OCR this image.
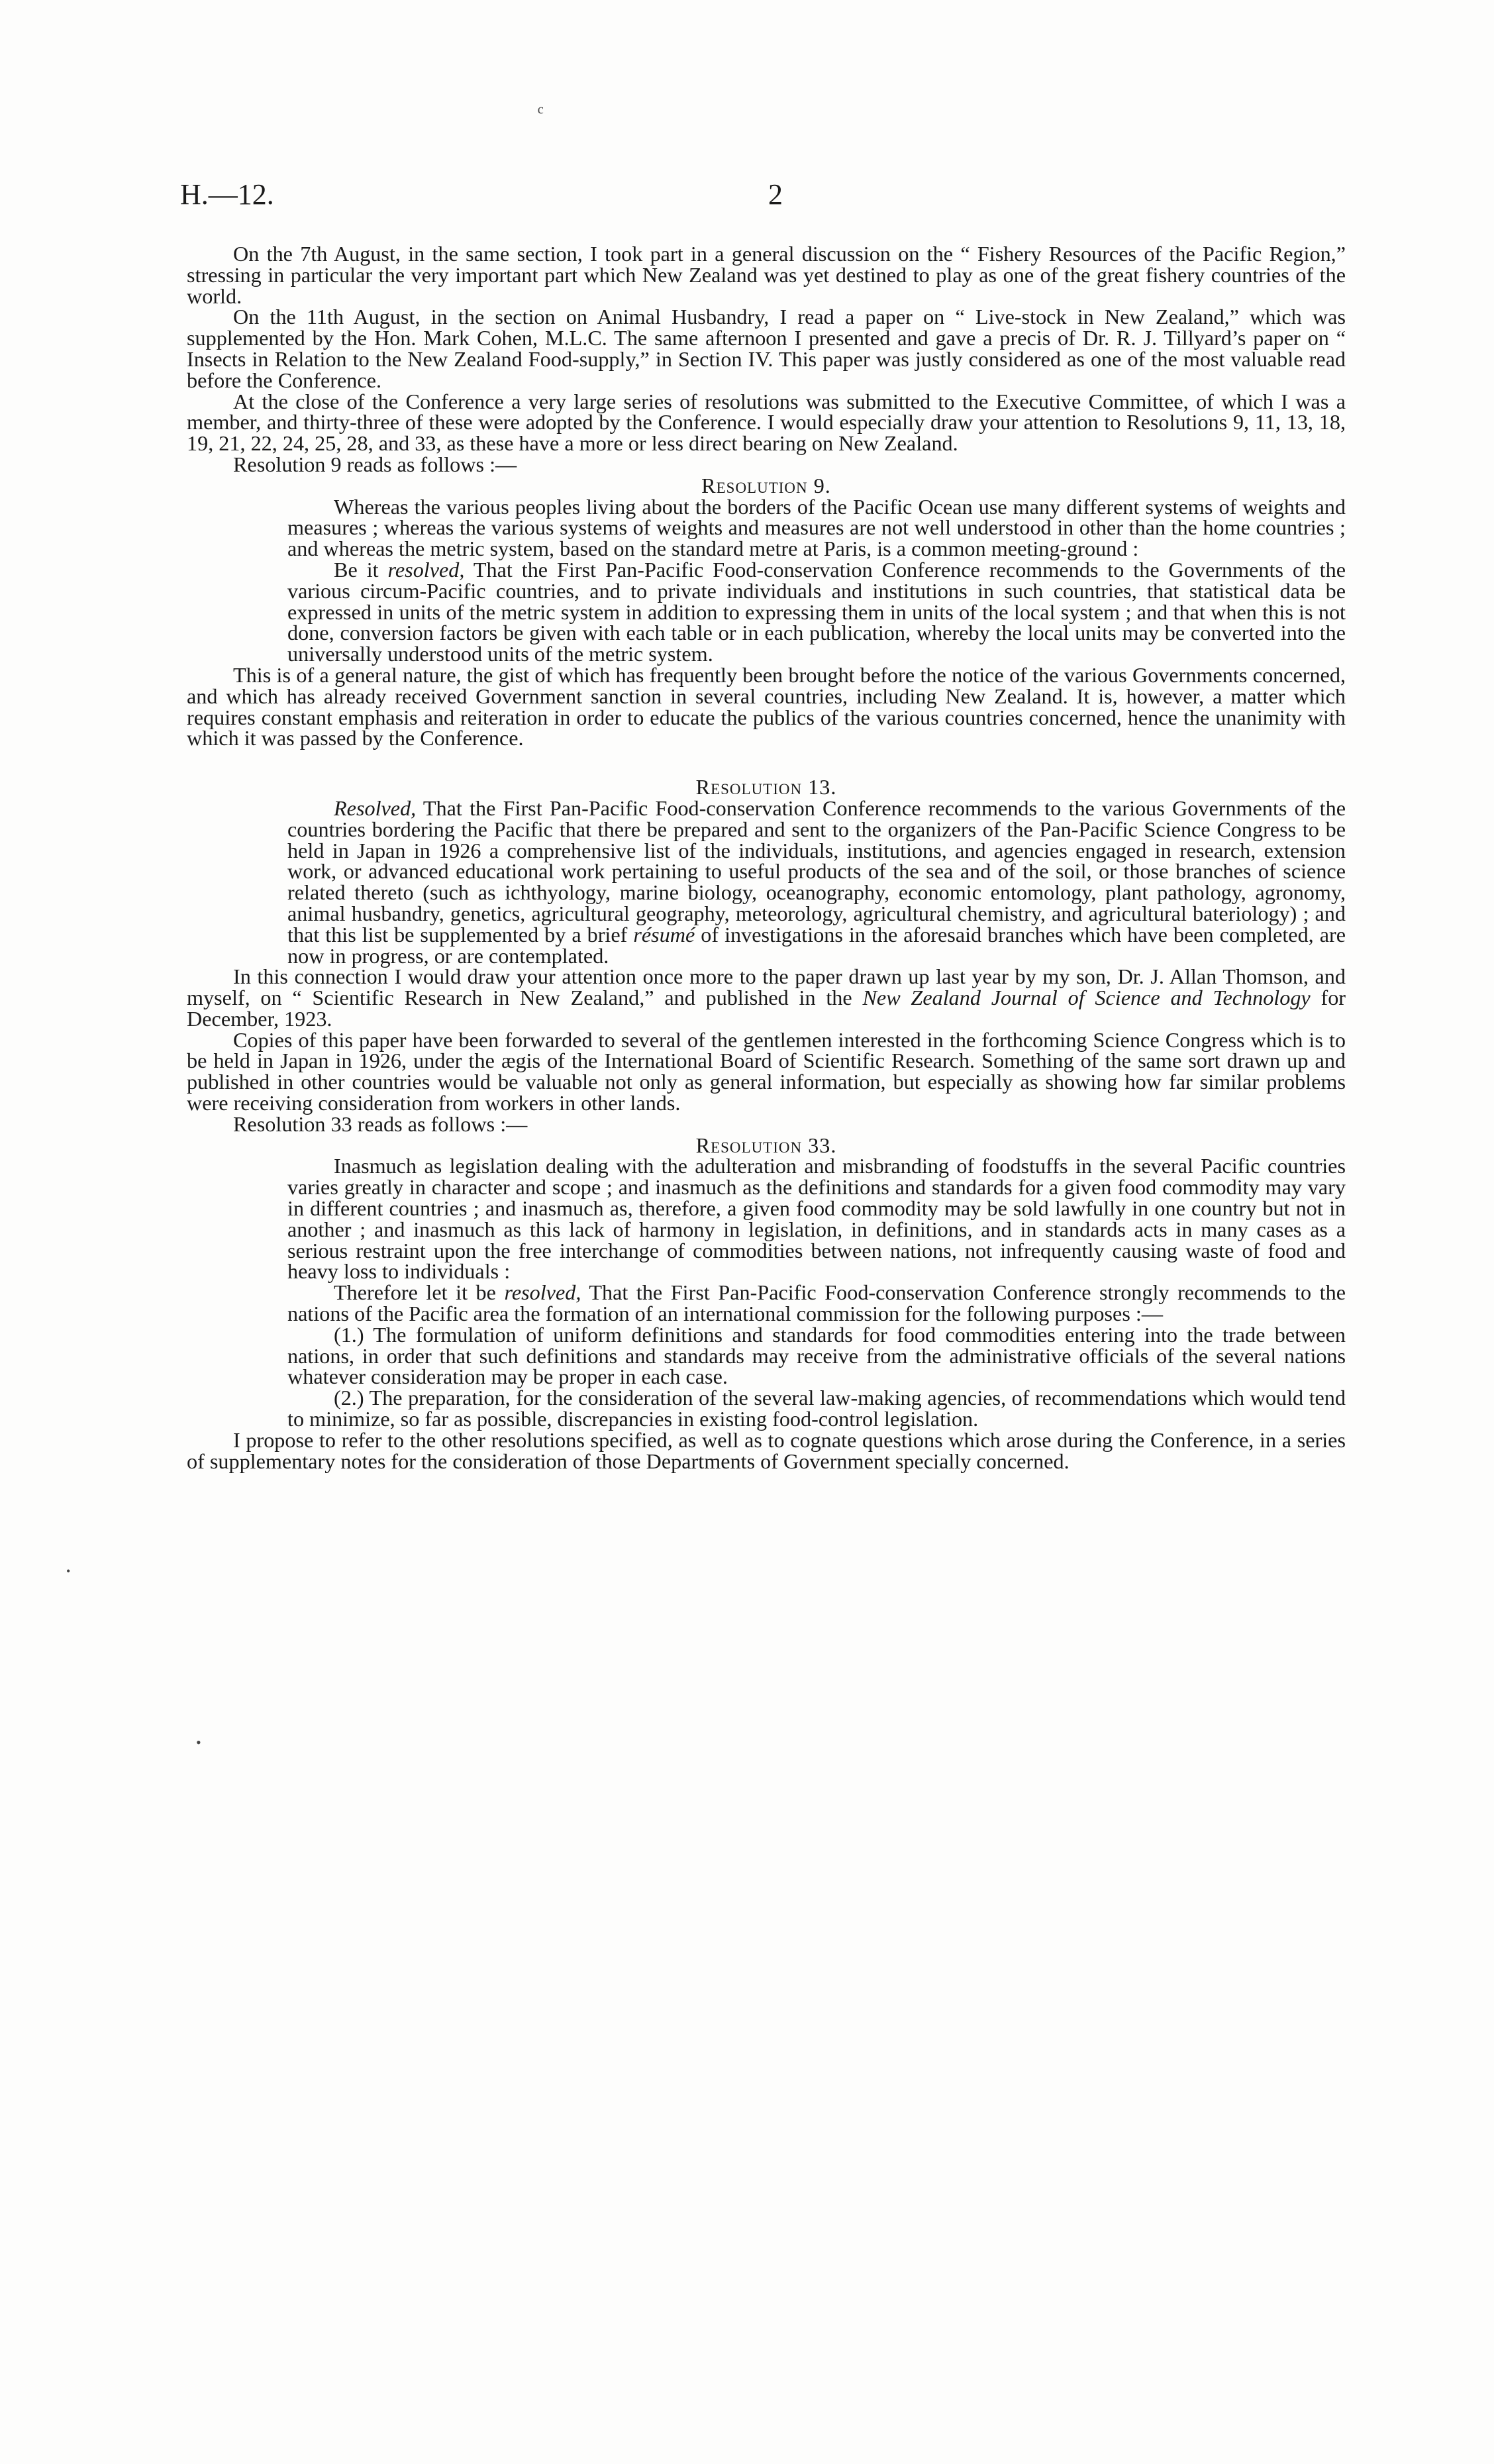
ᶜ
•
•
H.—12.	2

On the 7th August, in the same section, I took part in a general discussion on the “ Fishery Resources of the Pacific Region,” stressing in particular the very important part which New Zealand was yet destined to play as one of the great fishery countries of the world.

On the 11th August, in the section on Animal Husbandry, I read a paper on “ Live-stock in New Zealand,” which was supplemented by the Hon. Mark Cohen, M.L.C. The same afternoon I presented and gave a precis of Dr. R. J. Tillyard’s paper on “ Insects in Relation to the New Zealand Food-supply,” in Section IV. This paper was justly considered as one of the most valuable read before the Conference.

At the close of the Conference a very large series of resolutions was submitted to the Executive Committee, of which I was a member, and thirty-three of these were adopted by the Conference. I would especially draw your attention to Resolutions 9, 11, 13, 18, 19, 21, 22, 24, 25, 28, and 33, as these have a more or less direct bearing on New Zealand.

Resolution 9 reads as follows :—

Resolution 9.

Whereas the various peoples living about the borders of the Pacific Ocean use many different systems of weights and measures ; whereas the various systems of weights and measures are not well understood in other than the home countries ; and whereas the metric system, based on the standard metre at Paris, is a common meeting-ground :

Be it resolved, That the First Pan-Pacific Food-conservation Conference recommends to the Governments of the various circum-Pacific countries, and to private individuals and institutions in such countries, that statistical data be expressed in units of the metric system in addition to expressing them in units of the local system ; and that when this is not done, conversion factors be given with each table or in each publication, whereby the local units may be converted into the universally understood units of the metric system.

This is of a general nature, the gist of which has frequently been brought before the notice of the various Governments concerned, and which has already received Government sanction in several countries, including New Zealand. It is, however, a matter which requires constant emphasis and reiteration in order to educate the publics of the various countries concerned, hence the unanimity with which it was passed by the Conference.

Resolution 13.

Resolved, That the First Pan-Pacific Food-conservation Conference recommends to the various Governments of the countries bordering the Pacific that there be prepared and sent to the organizers of the Pan-Pacific Science Congress to be held in Japan in 1926 a comprehensive list of the individuals, institutions, and agencies engaged in research, extension work, or advanced educational work pertaining to useful products of the sea and of the soil, or those branches of science related thereto (such as ichthyology, marine biology, oceanography, economic entomology, plant pathology, agronomy, animal husbandry, genetics, agricultural geography, meteorology, agricultural chemistry, and agricultural bateriology) ; and that this list be supplemented by a brief résumé of investigations in the aforesaid branches which have been completed, are now in progress, or are contemplated.

In this connection I would draw your attention once more to the paper drawn up last year by my son, Dr. J. Allan Thomson, and myself, on “ Scientific Research in New Zealand,” and published in the New Zealand Journal of Science and Technology for December, 1923.

Copies of this paper have been forwarded to several of the gentlemen interested in the forthcoming Science Congress which is to be held in Japan in 1926, under the ægis of the International Board of Scientific Research. Something of the same sort drawn up and published in other countries would be valuable not only as general information, but especially as showing how far similar problems were receiving consideration from workers in other lands.

Resolution 33 reads as follows :—

Resolution 33.

Inasmuch as legislation dealing with the adulteration and misbranding of foodstuffs in the several Pacific countries varies greatly in character and scope ; and inasmuch as the definitions and standards for a given food commodity may vary in different countries ; and inasmuch as, therefore, a given food commodity may be sold lawfully in one country but not in another ; and inasmuch as this lack of harmony in legislation, in definitions, and in standards acts in many cases as a serious restraint upon the free interchange of commodities between nations, not infrequently causing waste of food and heavy loss to individuals :

Therefore let it be resolved, That the First Pan-Pacific Food-conservation Conference strongly recommends to the nations of the Pacific area the formation of an international commission for the following purposes :—

(1.) The formulation of uniform definitions and standards for food commodities entering into the trade between nations, in order that such definitions and standards may receive from the administrative officials of the several nations whatever consideration may be proper in each case.

(2.) The preparation, for the consideration of the several law-making agencies, of recommendations which would tend to minimize, so far as possible, discrepancies in existing food-control legislation.

I propose to refer to the other resolutions specified, as well as to cognate questions which arose during the Conference, in a series of supplementary notes for the consideration of those Departments of Government specially concerned.
